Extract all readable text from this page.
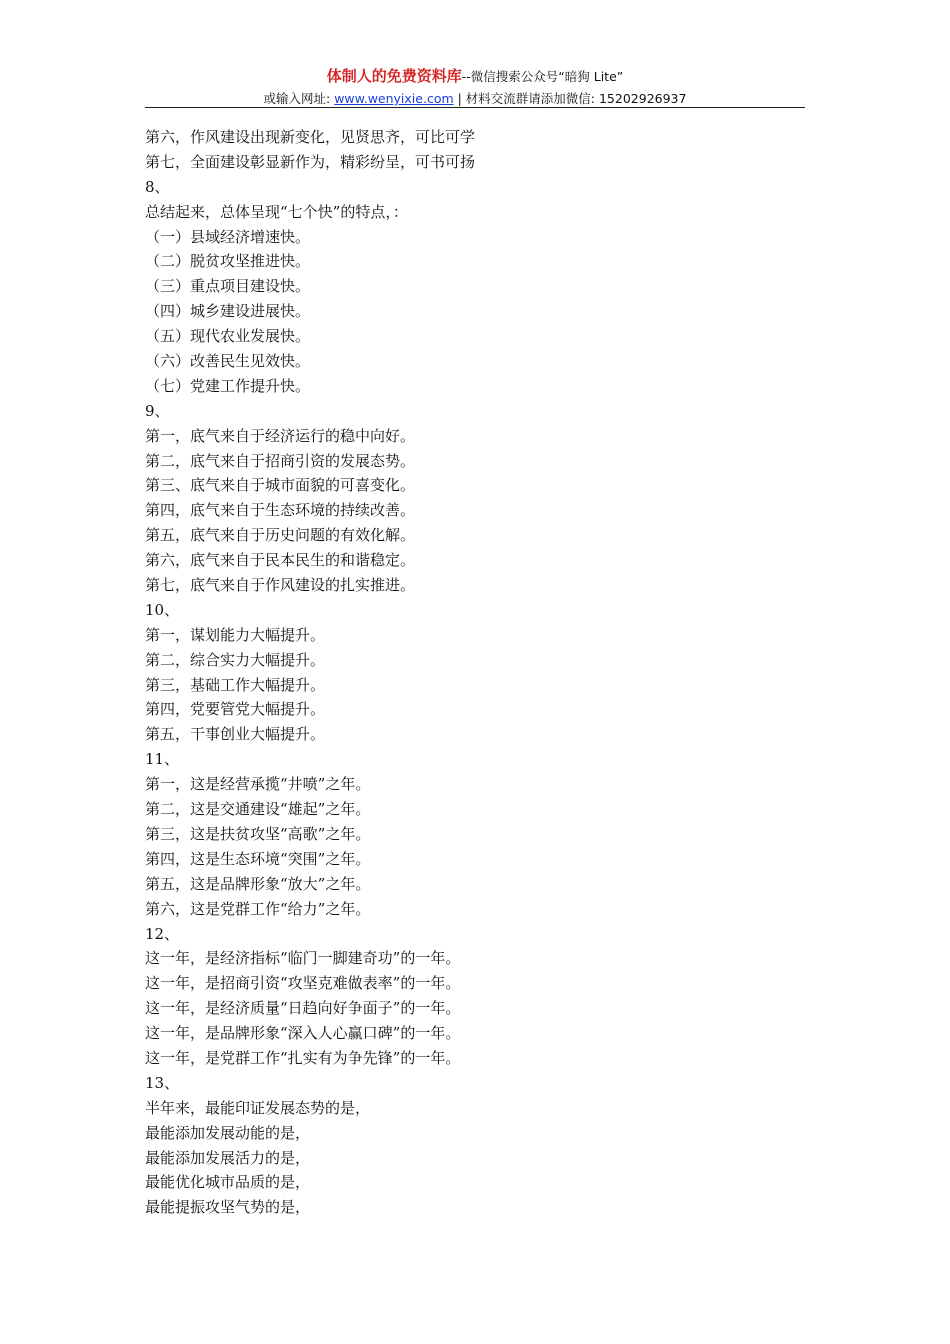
体制人的免费资料库--微信搜索公众号“暗狗 Lite”
或输入网址: www.wenyixie.com | 材料交流群请添加微信: 15202926937
第六，作风建设出现新变化，见贤思齐，可比可学
第七，全面建设彰显新作为，精彩纷呈，可书可扬
8、
总结起来，总体呈现“七个快”的特点，：
（一）县域经济增速快。
（二）脱贫攻坚推进快。
（三）重点项目建设快。
（四）城乡建设进展快。
（五）现代农业发展快。
（六）改善民生见效快。
（七）党建工作提升快。
9、
第一，底气来自于经济运行的稳中向好。
第二，底气来自于招商引资的发展态势。
第三、底气来自于城市面貌的可喜变化。
第四，底气来自于生态环境的持续改善。
第五，底气来自于历史问题的有效化解。
第六，底气来自于民本民生的和谐稳定。
第七，底气来自于作风建设的扎实推进。
10、
第一，谋划能力大幅提升。
第二，综合实力大幅提升。
第三，基础工作大幅提升。
第四，党要管党大幅提升。
第五，干事创业大幅提升。
11、
第一，这是经营承揽“井喷”之年。
第二，这是交通建设“雄起”之年。
第三，这是扶贫攻坚“高歌”之年。
第四，这是生态环境“突围”之年。
第五，这是品牌形象“放大”之年。
第六，这是党群工作“给力”之年。
12、
这一年，是经济指标“临门一脚建奇功”的一年。
这一年，是招商引资“攻坚克难做表率”的一年。
这一年，是经济质量“日趋向好争面子”的一年。
这一年，是品牌形象“深入人心赢口碑”的一年。
这一年，是党群工作“扎实有为争先锋”的一年。
13、
半年来，最能印证发展态势的是，
最能添加发展动能的是，
最能添加发展活力的是，
最能优化城市品质的是，
最能提振攻坚气势的是，
